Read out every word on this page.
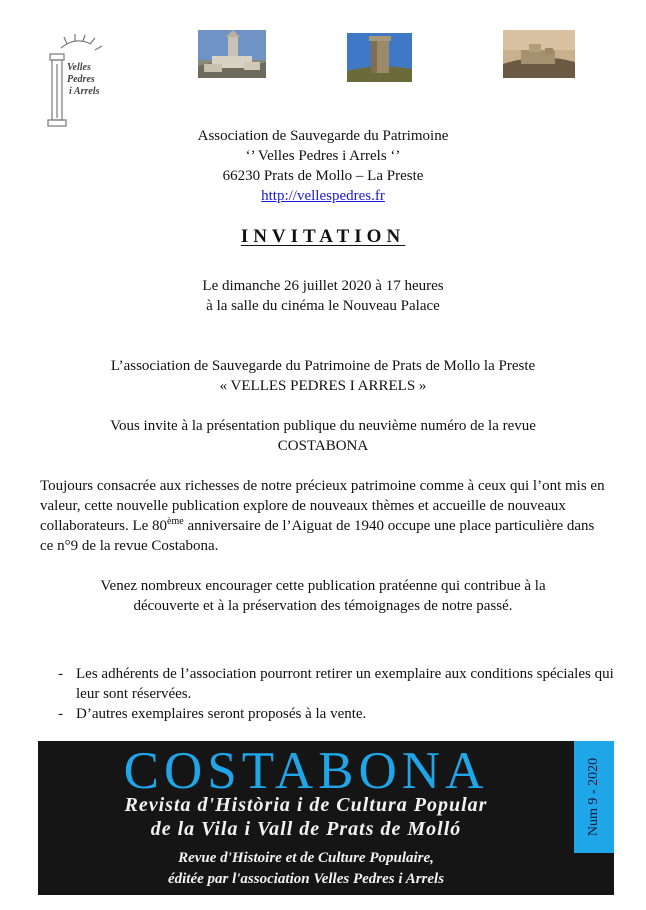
Velles
Pedres
i Arrels
Association de Sauvegarde du Patrimoine
‘’ Velles Pedres i Arrels ‘’
66230 Prats de Mollo – La Preste
http://vellespedres.fr
INVITATION
Le dimanche 26 juillet 2020 à 17 heures
à la salle du cinéma le Nouveau Palace
L’association de Sauvegarde du Patrimoine de Prats de Mollo la Preste
« VELLES PEDRES I ARRELS »
Vous invite à la présentation publique du neuvième numéro de la revue
COSTABONA
Toujours consacrée aux richesses de notre précieux patrimoine comme à ceux qui l’ont mis en valeur, cette nouvelle publication explore de nouveaux thèmes et accueille de nouveaux collaborateurs. Le 80ème anniversaire de l’Aiguat de 1940 occupe une place particulière dans ce n°9 de la revue Costabona.
Venez nombreux encourager cette publication pratéenne qui contribue à la
découverte et à la préservation des témoignages de notre passé.
- Les adhérents de l’association pourront retirer un exemplaire aux conditions spéciales qui leur sont réservées.
- D’autres exemplaires seront proposés à la vente.
COSTABONA
Revista d'Història i de Cultura Popular
de la Vila i Vall de Prats de Molló
Revue d'Histoire et de Culture Populaire,
éditée par l'association Velles Pedres i Arrels
Num 9 - 2020
